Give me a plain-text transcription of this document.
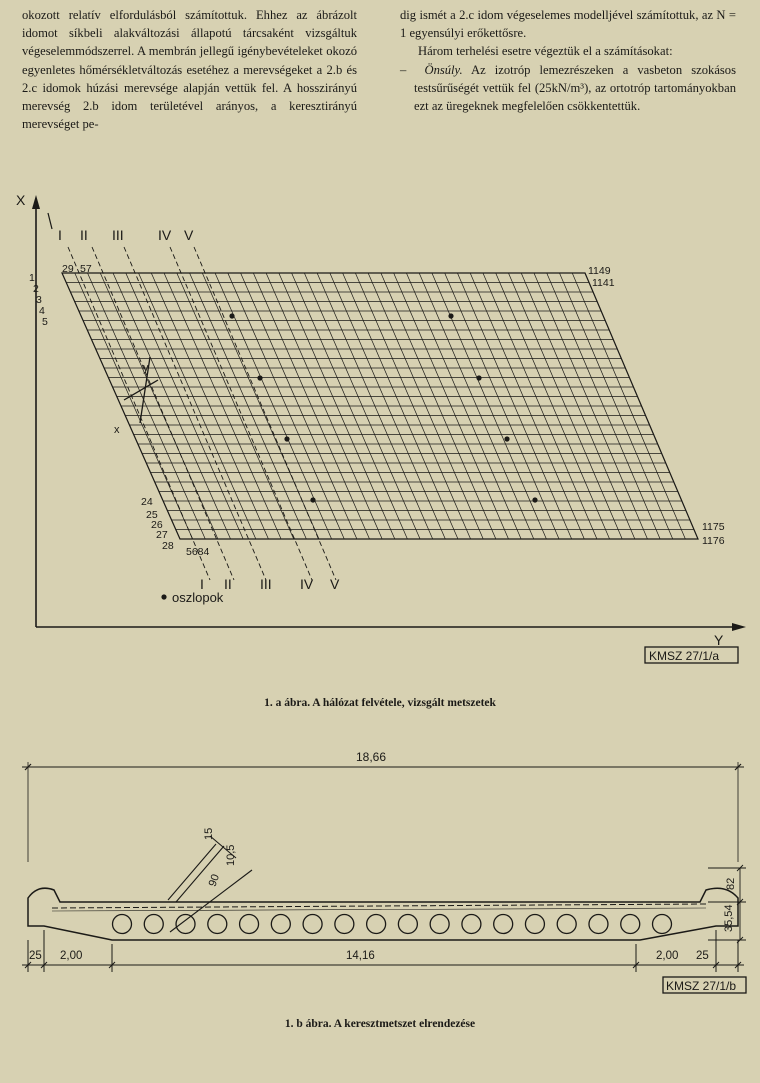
okozott relatív elfordulásból számítottuk. Ehhez az ábrázolt idomot síkbeli alakváltozási állapotú tárcsaként vizsgáltuk végeselemmódszerrel. A membrán jellegű igénybevételeket okozó egyenletes hőmérsékletváltozás esetéhez a merevségeket a 2.b és 2.c idomok húzási merevsége alapján vettük fel. A hosszirányú merevség 2.b idom területével arányos, a keresztirányú merevséget pe-

dig ismét a 2.c idom végeselemes modelljével számítottuk, az N = 1 egyensúlyi erőkettősre.

Három terhelési esetre végeztük el a számításokat:

– Önsúly. Az izotróp lemezrészeken a vasbeton szokásos testsűrűségét vettük fel (25kN/m³), az ortotróp tartományokban ezt az üregeknek megfelelően csökkentettük.

X
Y
I II III IV V
I II III IV V
29 57
1
2
3
4
5
24
25
26
27
28 5684
1149
1141
1175
1176
y
x
oszlopok
KMSZ 27/1/a
1. a ábra. A hálózat felvétele, vizsgált metszetek
18,66
15
10,5
90	82
35,54
25 2,00	14,16	2,00 25
KMSZ 27/1/b
1. b ábra. A keresztmetszet elrendezése
